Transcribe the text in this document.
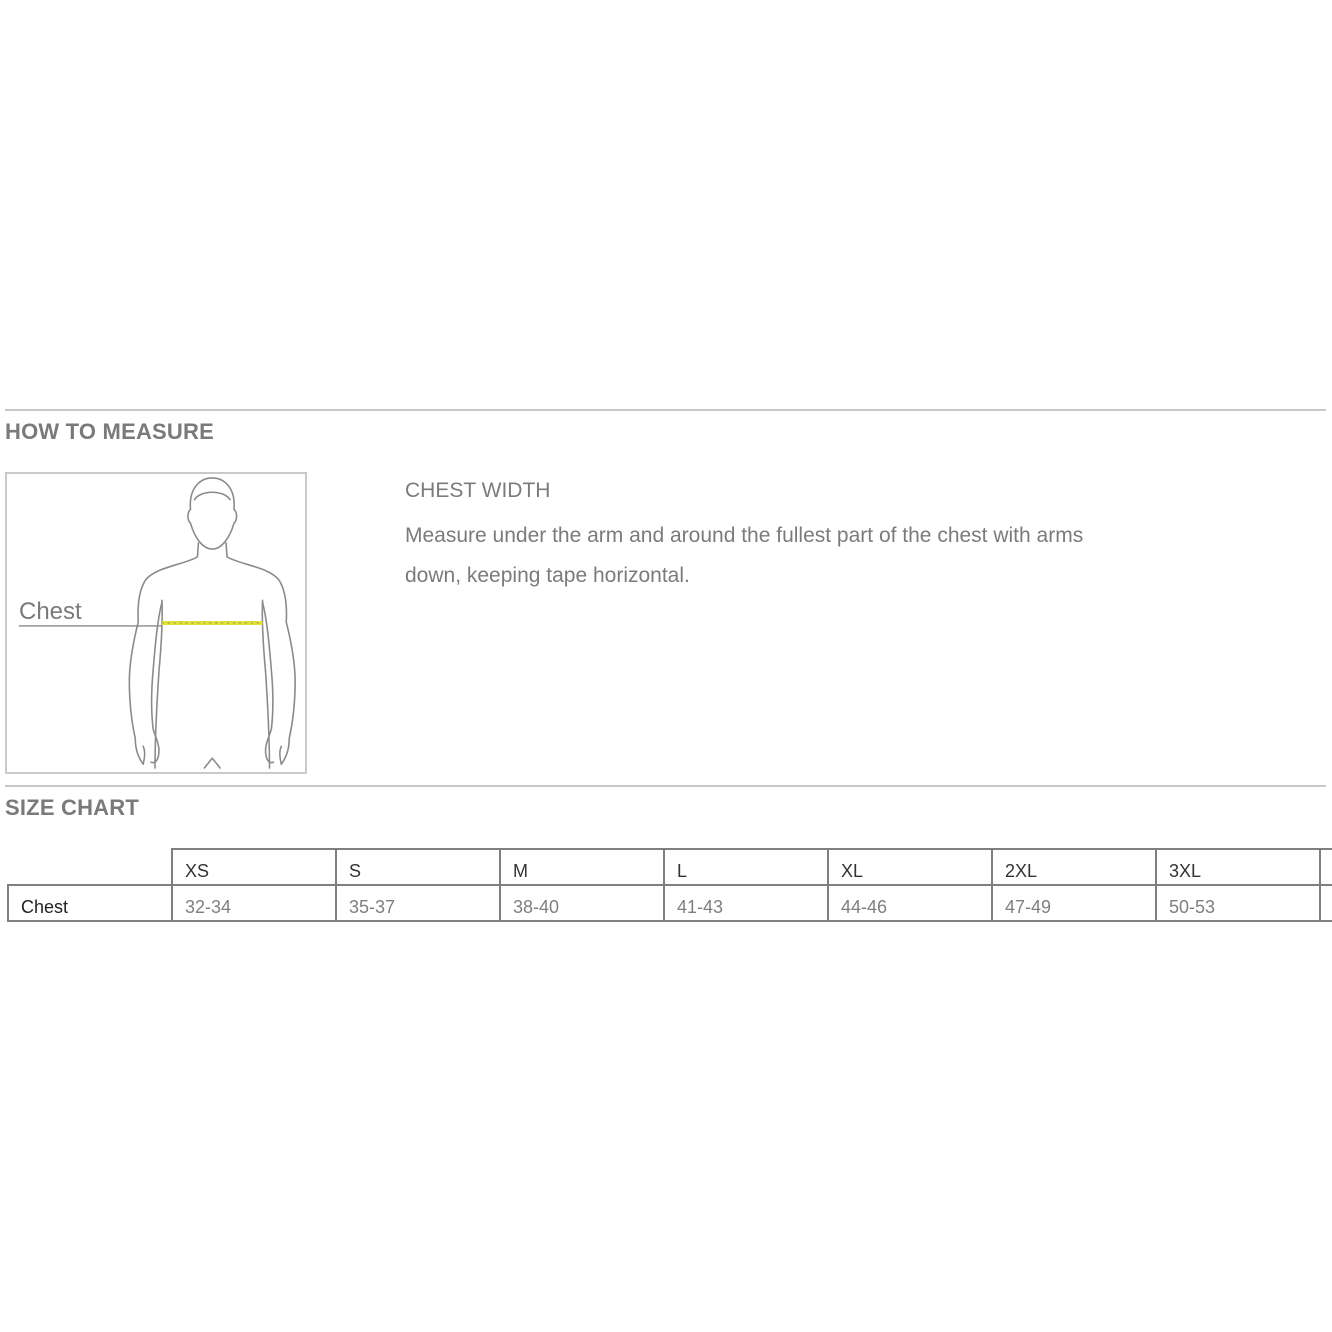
HOW TO MEASURE
Chest

CHEST WIDTH

Measure under the arm and around the fullest part of the chest with arms down, keeping tape horizontal.

SIZE CHART
	XS	S	M	L	XL	2XL	3XL	
Chest	32-34	35-37	38-40	41-43	44-46	47-49	50-53	
